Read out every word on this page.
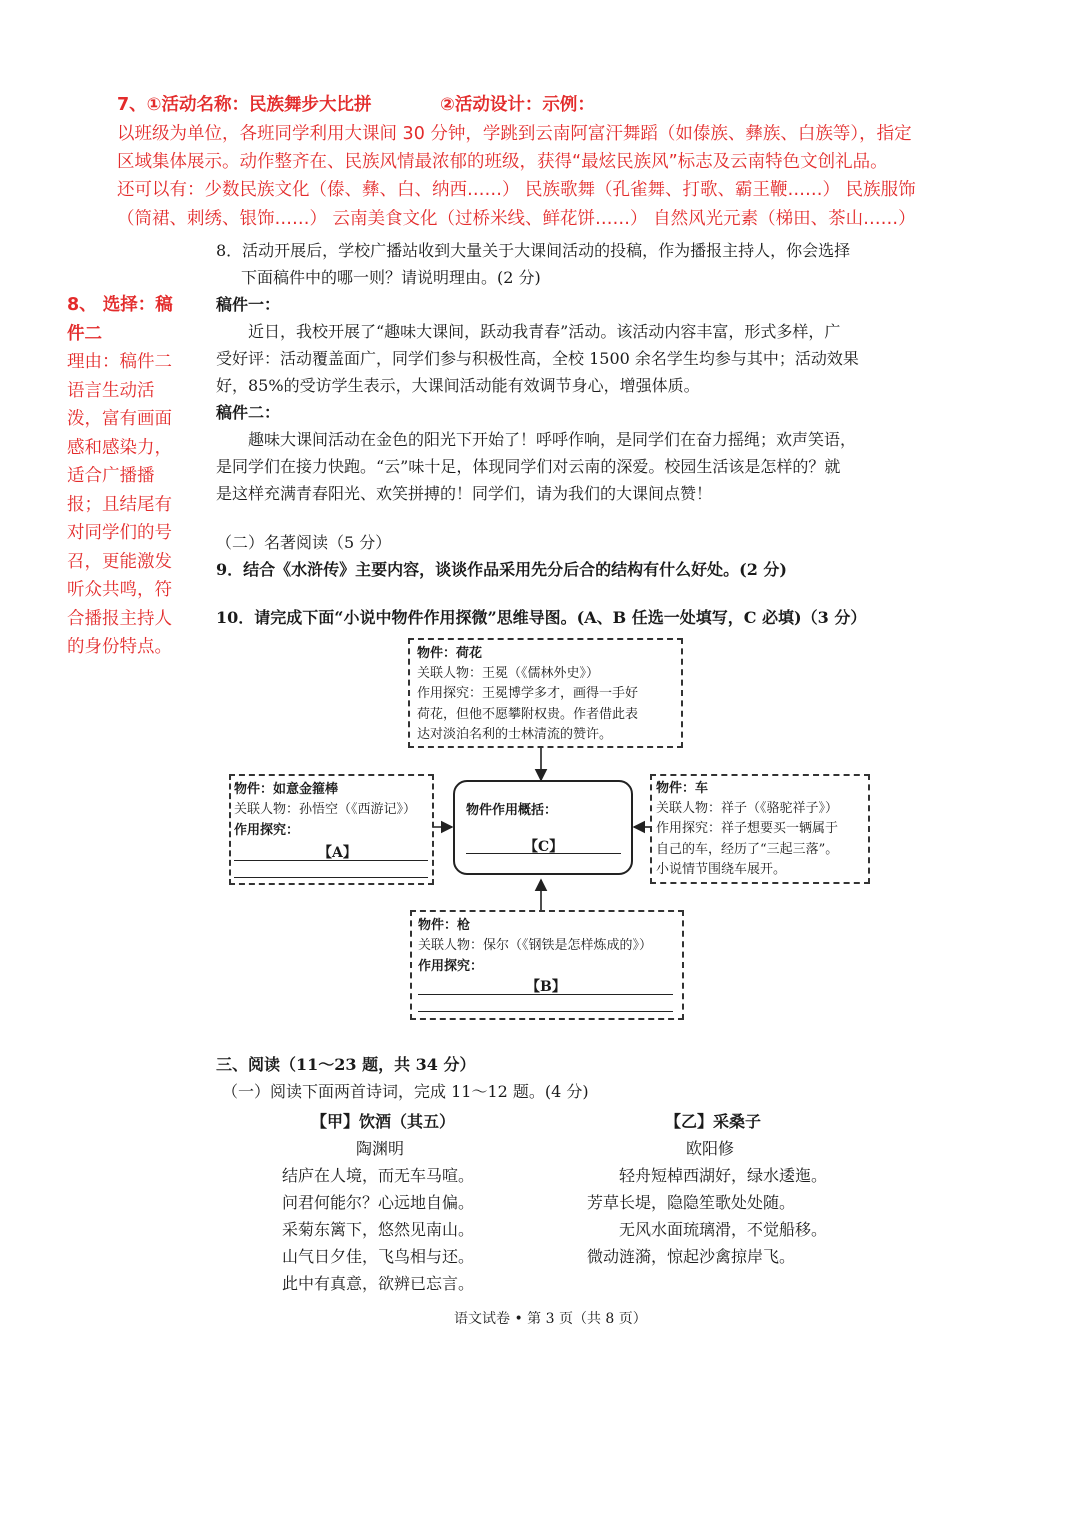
7、①活动名称：民族舞步大比拼	②活动设计：示例：
以班级为单位，各班同学利用大课间 30 分钟，学跳到云南阿富汗舞蹈（如傣族、彝族、白族等），指定
区域集体展示。动作整齐在、民族风情最浓郁的班级，获得“最炫民族风”标志及云南特色文创礼品。
还可以有：少数民族文化（傣、彝、白、纳西……） 民族歌舞（孔雀舞、打歌、霸王鞭……） 民族服饰
（筒裙、刺绣、银饰……） 云南美食文化（过桥米线、鲜花饼……） 自然风光元素（梯田、茶山……）
8、 选择：稿
件二
理由：稿件二
语言生动活
泼，富有画面
感和感染力，
适合广播播
报；且结尾有
对同学们的号
召，更能激发
听众共鸣，符
合播报主持人
的身份特点。
8．活动开展后，学校广播站收到大量关于大课间活动的投稿，作为播报主持人，你会选择
下面稿件中的哪一则？请说明理由。(2 分)
稿件一：
近日，我校开展了“趣味大课间，跃动我青春”活动。该活动内容丰富，形式多样，广
受好评：活动覆盖面广，同学们参与积极性高，全校 1500 余名学生均参与其中；活动效果
好，85%的受访学生表示，大课间活动能有效调节身心，增强体质。
稿件二：
趣味大课间活动在金色的阳光下开始了！呼呼作响，是同学们在奋力摇绳；欢声笑语，
是同学们在接力快跑。“云”味十足，体现同学们对云南的深爱。校园生活该是怎样的？就
是这样充满青春阳光、欢笑拼搏的！同学们，请为我们的大课间点赞！
（二）名著阅读（5 分）
9．结合《水浒传》主要内容，谈谈作品采用先分后合的结构有什么好处。(2 分)
10．请完成下面“小说中物件作用探微”思维导图。(A、B 任选一处填写，C 必填)（3 分）
物件：荷花
关联人物：王冕（《儒林外史》）
作用探究：王冕博学多才，画得一手好
荷花，但他不愿攀附权贵。作者借此表
达对淡泊名利的士林清流的赞许。
物件：如意金箍棒
关联人物：孙悟空（《西游记》）
作用探究：
【A】
物件作用概括：
【C】
物件：车
关联人物：祥子（《骆驼祥子》）
作用探究：祥子想要买一辆属于
自己的车，经历了“三起三落”。
小说情节围绕车展开。
物件：枪
关联人物：保尔（《钢铁是怎样炼成的》）
作用探究：
【B】
三、阅读（11～23 题，共 34 分）
（一）阅读下面两首诗词，完成 11～12 题。(4 分)
【甲】饮酒（其五）
陶渊明
结庐在人境，而无车马喧。
问君何能尔？心远地自偏。
采菊东篱下，悠然见南山。
山气日夕佳，飞鸟相与还。
此中有真意，欲辨已忘言。
【乙】采桑子
欧阳修
轻舟短棹西湖好，绿水逶迤。
芳草长堤，隐隐笙歌处处随。
无风水面琉璃滑，不觉船移。
微动涟漪，惊起沙禽掠岸飞。
语文试卷 • 第 3 页（共 8 页）
